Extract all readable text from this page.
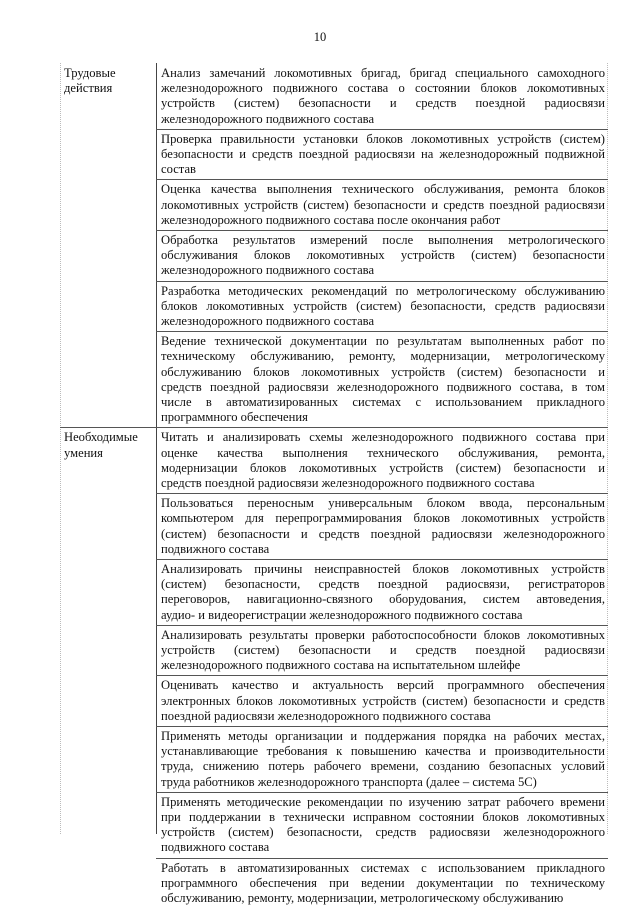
10
Трудовые
действия
Анализ замечаний локомотивных бригад, бригад специального самоходного
железнодорожного подвижного состава о состоянии блоков локомотивных
устройств (систем) безопасности и средств поездной радиосвязи
железнодорожного подвижного состава
Проверка правильности установки блоков локомотивных устройств (систем)
безопасности и средств поездной радиосвязи на железнодорожный подвижной
состав
Оценка качества выполнения технического обслуживания, ремонта блоков
локомотивных устройств (систем) безопасности и средств поездной радиосвязи
железнодорожного подвижного состава после окончания работ
Обработка результатов измерений после выполнения метрологического
обслуживания блоков локомотивных устройств (систем) безопасности
железнодорожного подвижного состава
Разработка методических рекомендаций по метрологическому обслуживанию
блоков локомотивных устройств (систем) безопасности, средств радиосвязи
железнодорожного подвижного состава
Ведение технической документации по результатам выполненных работ по
техническому обслуживанию, ремонту, модернизации, метрологическому
обслуживанию блоков локомотивных устройств (систем) безопасности и
средств поездной радиосвязи железнодорожного подвижного состава, в том
числе в автоматизированных системах с использованием прикладного
программного обеспечения
Необходимые
умения
Читать и анализировать схемы железнодорожного подвижного состава при
оценке качества выполнения технического обслуживания, ремонта,
модернизации блоков локомотивных устройств (систем) безопасности и
средств поездной радиосвязи железнодорожного подвижного состава
Пользоваться переносным универсальным блоком ввода, персональным
компьютером для перепрограммирования блоков локомотивных устройств
(систем) безопасности и средств поездной радиосвязи железнодорожного
подвижного состава
Анализировать причины неисправностей блоков локомотивных устройств
(систем) безопасности, средств поездной радиосвязи, регистраторов
переговоров, навигационно-связного оборудования, систем автоведения,
аудио- и видеорегистрации железнодорожного подвижного состава
Анализировать результаты проверки работоспособности блоков локомотивных
устройств (систем) безопасности и средств поездной радиосвязи
железнодорожного подвижного состава на испытательном шлейфе
Оценивать качество и актуальность версий программного обеспечения
электронных блоков локомотивных устройств (систем) безопасности и средств
поездной радиосвязи железнодорожного подвижного состава
Применять методы организации и поддержания порядка на рабочих местах,
устанавливающие требования к повышению качества и производительности
труда, снижению потерь рабочего времени, созданию безопасных условий
труда работников железнодорожного транспорта (далее – система 5С)
Применять методические рекомендации по изучению затрат рабочего времени
при поддержании в технически исправном состоянии блоков локомотивных
устройств (систем) безопасности, средств радиосвязи железнодорожного
подвижного состава
Работать в автоматизированных системах с использованием прикладного
программного обеспечения при ведении документации по техническому
обслуживанию, ремонту, модернизации, метрологическому обслуживанию
